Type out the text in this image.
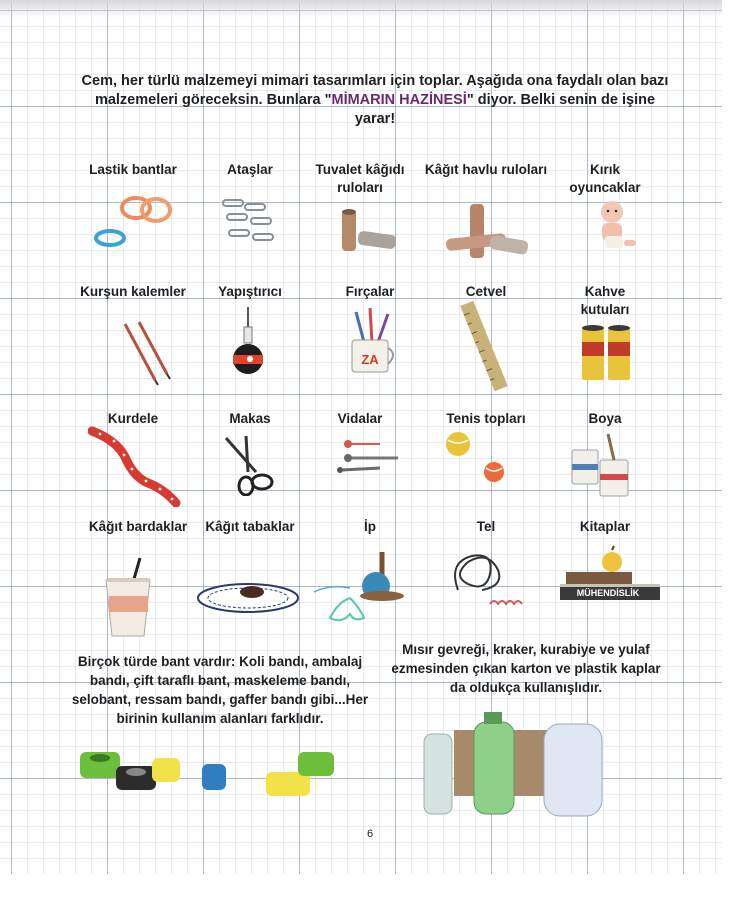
Cem, her türlü malzemeyi mimari tasarımları için toplar. Aşağıda ona faydalı olan bazı malzemeleri göreceksin. Bunlara "MİMARIN HAZİNESİ" diyor. Belki senin de işine yarar!
Lastik bantlar	Ataşlar	Tuvalet kâğıdı ruloları
Kâğıt havlu ruloları	Kırık oyuncaklar
Kurşun kalemler	Yapıştırıcı	Fırçalar	Cetvel	Kahve kutuları
ZA
Kurdele	Makas	Vidalar	Tenis topları	Boya
Kâğıt bardaklar	Kâğıt tabaklar	İp	Tel	Kitaplar
MÜHENDİSLİK
Birçok türde bant vardır: Koli bandı, ambalaj bandı, çift taraflı bant, maskeleme bandı, selobant, ressam bandı, gaffer bandı gibi...Her birinin kullanım alanları farklıdır.
Mısır gevreği, kraker, kurabiye ve yulaf ezmesinden çıkan karton ve plastik kaplar da oldukça kullanışlıdır.
6
